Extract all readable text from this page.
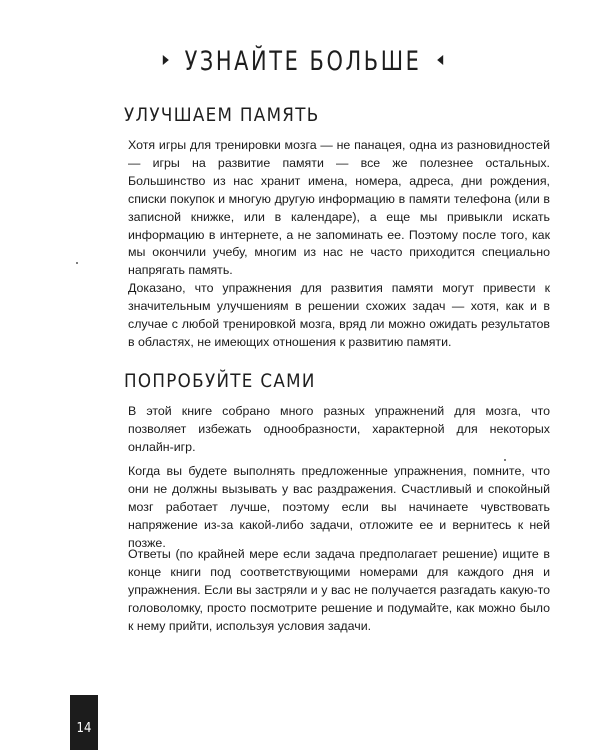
УЗНАЙТЕ БОЛЬШЕ
УЛУЧШАЕМ ПАМЯТЬ

Хотя игры для тренировки мозга — не панацея, одна из разновидностей — игры на развитие памяти — все же полезнее остальных. Большинство из нас хранит имена, номера, адреса, дни рождения, списки покупок и многую другую информацию в памяти телефона (или в записной книжке, или в календаре), а еще мы привыкли искать информацию в интернете, а не запоминать ее. Поэтому после того, как мы окончили учебу, многим из нас не часто приходится специально напрягать память.

Доказано, что упражнения для развития памяти могут привести к значительным улучшениям в решении схожих задач — хотя, как и в случае с любой тренировкой мозга, вряд ли можно ожидать результатов в областях, не имеющих отношения к развитию памяти.

ПОПРОБУЙТЕ САМИ

В этой книге собрано много разных упражнений для мозга, что позволяет избежать однообразности, характерной для некоторых онлайн-игр.

Когда вы будете выполнять предложенные упражнения, помните, что они не должны вызывать у вас раздражения. Счастливый и спокойный мозг работает лучше, поэтому если вы начинаете чувствовать напряжение из-за какой-либо задачи, отложите ее и вернитесь к ней позже.

Ответы (по крайней мере если задача предполагает решение) ищите в конце книги под соответствующими номерами для каждого дня и упражнения. Если вы застряли и у вас не получается разгадать какую-то головоломку, просто посмотрите решение и подумайте, как можно было к нему прийти, используя условия задачи.

14
